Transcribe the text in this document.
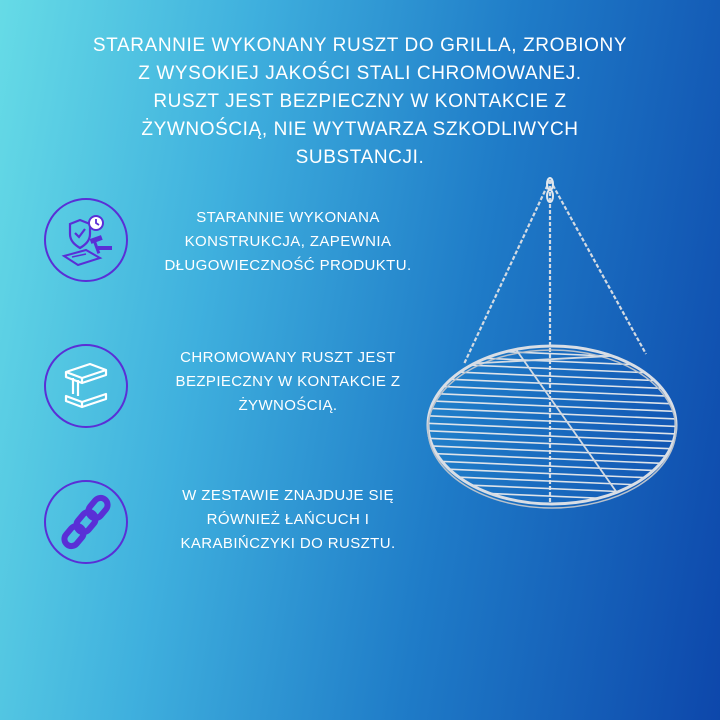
STARANNIE WYKONANY RUSZT DO GRILLA, ZROBIONY
Z WYSOKIEJ JAKOŚCI STALI CHROMOWANEJ.
RUSZT JEST BEZPIECZNY W KONTAKCIE Z
ŻYWNOŚCIĄ, NIE WYTWARZA SZKODLIWYCH
SUBSTANCJI.
STARANNIE WYKONANA
KONSTRUKCJA, ZAPEWNIA
DŁUGOWIECZNOŚĆ PRODUKTU.
CHROMOWANY RUSZT JEST
BEZPIECZNY W KONTAKCIE Z
ŻYWNOŚCIĄ.
W ZESTAWIE ZNAJDUJE SIĘ
RÓWNIEŻ ŁAŃCUCH I
KARABIŃCZYKI DO RUSZTU.
